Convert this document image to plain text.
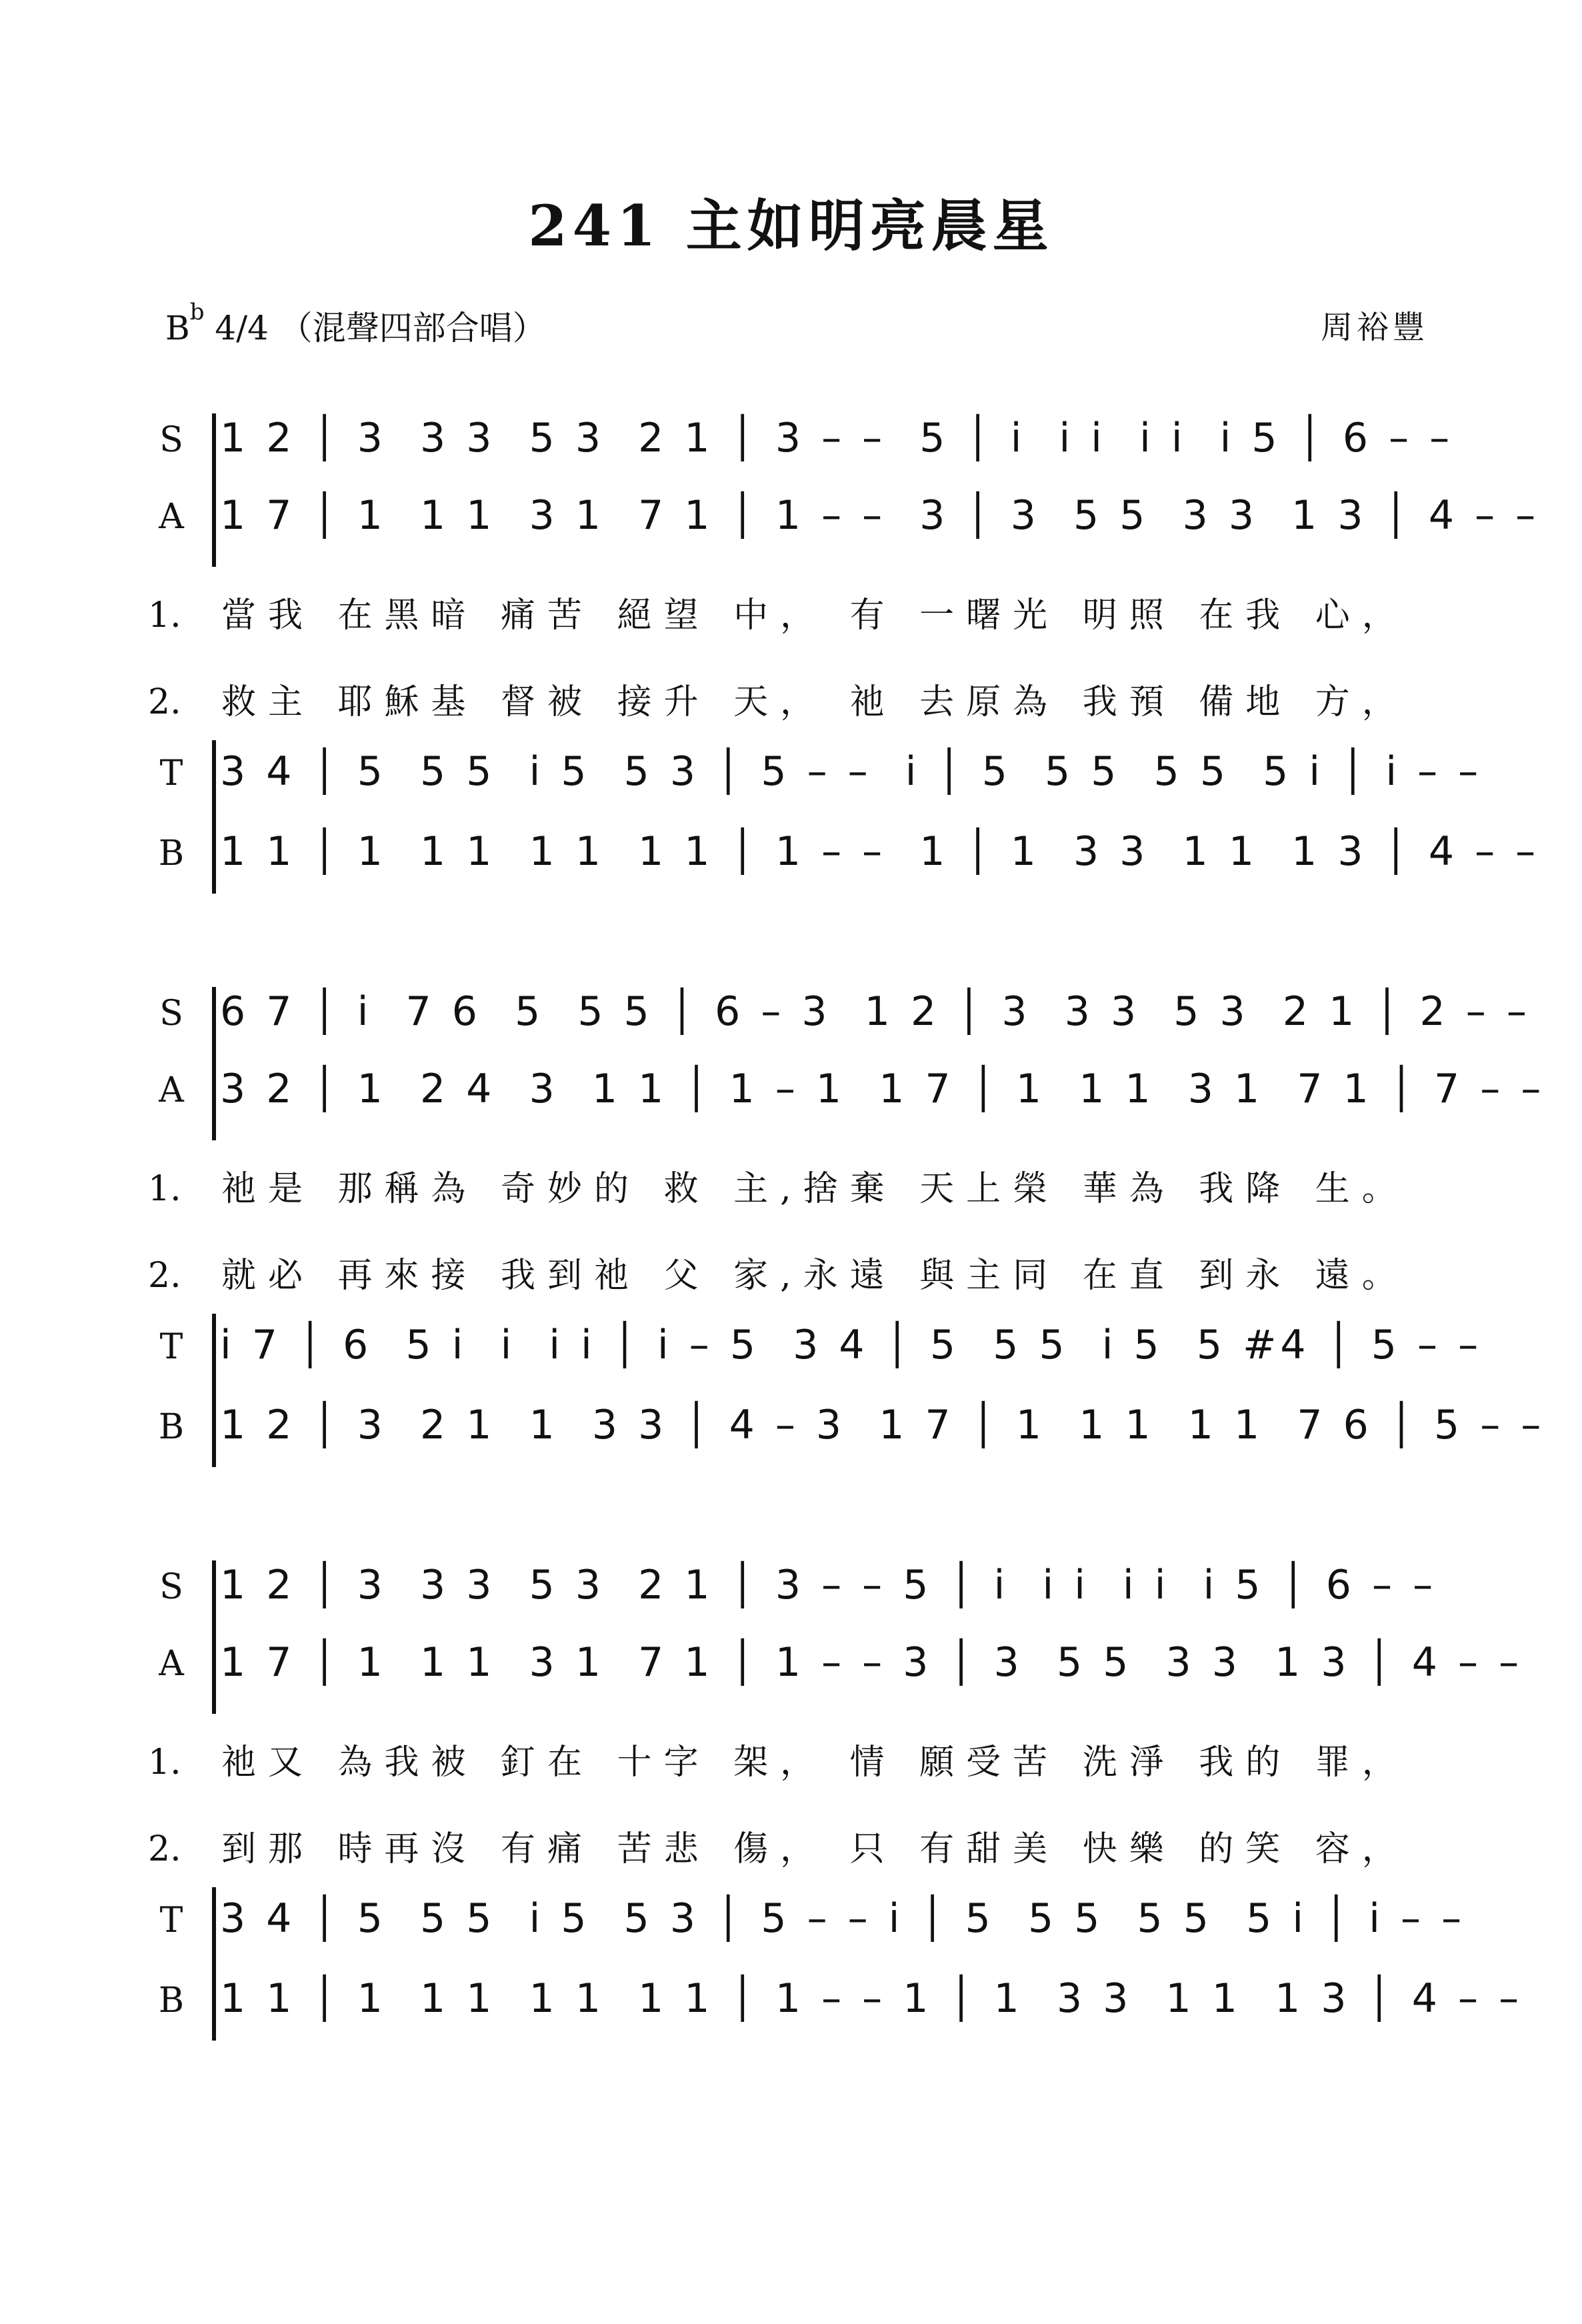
241 主如明亮晨星
$B^b$ 4/4 （混聲四部合唱）	周裕豐
S 1 2 │ 3  3 3  5 3  2 1 │ 3 – –  5 │ i  i i  i i  i 5 │ 6 – –
A 1 7 │ 1  1 1  3 1  7 1 │ 1 – –  3 │ 3  5 5  3 3  1 3 │ 4 – –
1. 當我 在黑暗 痛苦 絕望 中， 有 一曙光 明照 在我 心，
2. 救主 耶穌基 督被 接升 天， 祂 去原為 我預 備地 方，
T 3 4 │ 5  5 5  i 5  5 3 │ 5 – –  i │ 5  5 5  5 5  5 i │ i – –
B 1 1 │ 1  1 1  1 1  1 1 │ 1 – –  1 │ 1  3 3  1 1  1 3 │ 4 – –
S 6 7 │ i  7 6  5  5 5 │ 6 – 3  1 2 │ 3  3 3  5 3  2 1 │ 2 – –
A 3 2 │ 1  2 4  3  1 1 │ 1 – 1  1 7 │ 1  1 1  3 1  7 1 │ 7 – –
1. 祂是 那稱為 奇妙的 救 主,捨棄 天上榮 華為 我降 生。
2. 就必 再來接 我到祂 父 家,永遠 與主同 在直 到永 遠。
T i 7 │ 6  5 i  i  i i │ i – 5  3 4 │ 5  5 5  i 5  5 #4 │ 5 – –
B 1 2 │ 3  2 1  1  3 3 │ 4 – 3  1 7 │ 1  1 1  1 1  7 6 │ 5 – –
S 1 2 │ 3  3 3  5 3  2 1 │ 3 – – 5 │ i  i i  i i  i 5 │ 6 – –
A 1 7 │ 1  1 1  3 1  7 1 │ 1 – – 3 │ 3  5 5  3 3  1 3 │ 4 – –
1. 祂又 為我被 釘在 十字 架， 情 願受苦 洗淨 我的 罪，
2. 到那 時再沒 有痛 苦悲 傷， 只 有甜美 快樂 的笑 容，
T 3 4 │ 5  5 5  i 5  5 3 │ 5 – – i │ 5  5 5  5 5  5 i │ i – –
B 1 1 │ 1  1 1  1 1  1 1 │ 1 – – 1 │ 1  3 3  1 1  1 3 │ 4 – –
